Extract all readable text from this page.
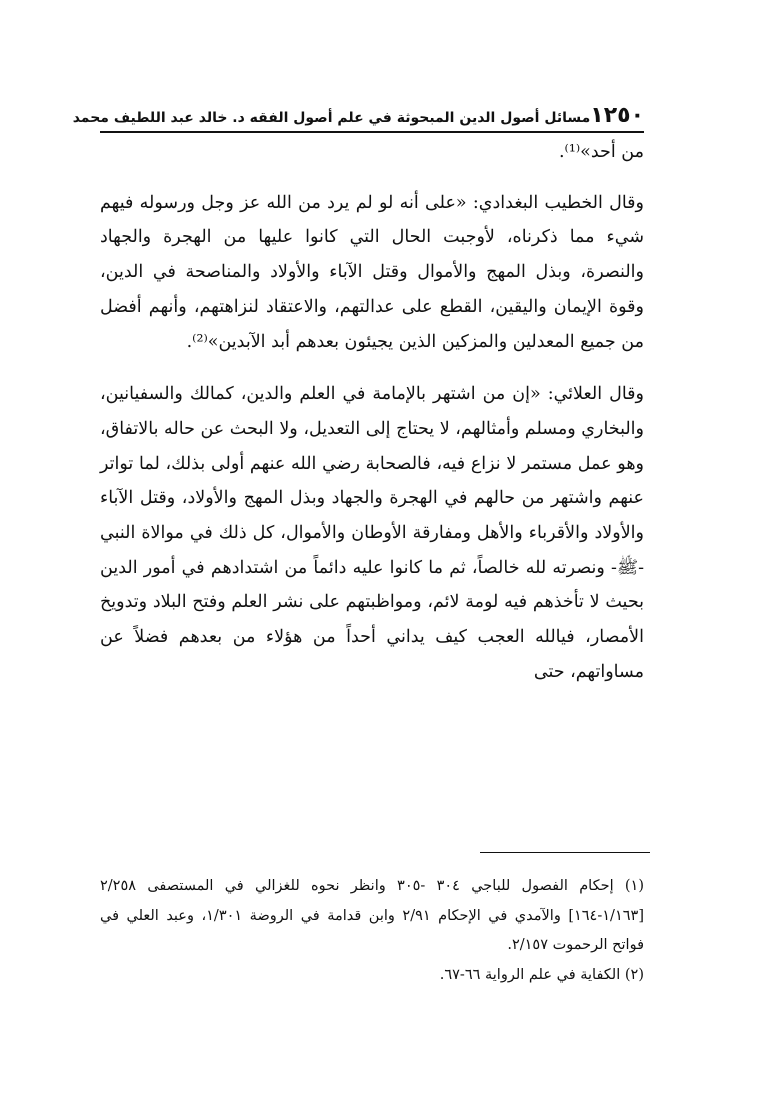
١٢٥٠
مسائل أصول الدين المبحوثة في علم أصول الفقه د. خالد عبد اللطيف محمد

من أحد»⁽¹⁾.

وقال الخطيب البغدادي: «على أنه لو لم يرد من الله عز وجل ورسوله فيهم شيء مما ذكرناه، لأوجبت الحال التي كانوا عليها من الهجرة والجهاد والنصرة، وبذل المهج والأموال وقتل الآباء والأولاد والمناصحة في الدين، وقوة الإيمان واليقين، القطع على عدالتهم، والاعتقاد لنزاهتهم، وأنهم أفضل من جميع المعدلين والمزكين الذين يجيئون بعدهم أبد الآبدين»⁽²⁾.

وقال العلائي: «إن من اشتهر بالإمامة في العلم والدين، كمالك والسفيانين، والبخاري ومسلم وأمثالهم، لا يحتاج إلى التعديل، ولا البحث عن حاله بالاتفاق، وهو عمل مستمر لا نزاع فيه، فالصحابة رضي الله عنهم أولى بذلك، لما تواتر عنهم واشتهر من حالهم في الهجرة والجهاد وبذل المهج والأولاد، وقتل الآباء والأولاد والأقرباء والأهل ومفارقة الأوطان والأموال، كل ذلك في موالاة النبي -ﷺ- ونصرته لله خالصاً، ثم ما كانوا عليه دائماً من اشتدادهم في أمور الدين بحيث لا تأخذهم فيه لومة لائم، ومواظبتهم على نشر العلم وفتح البلاد وتدويخ الأمصار، فيالله العجب كيف يداني أحداً من هؤلاء من بعدهم فضلاً عن مساواتهم، حتى

(١) إحكام الفصول للباجي ٣٠٤ -٣٠٥ وانظر نحوه للغزالي في المستصفى ٢/٢٥٨ [١/١٦٣-١٦٤] والآمدي في الإحكام ٢/٩١ وابن قدامة في الروضة ١/٣٠١، وعبد العلي في فواتح الرحموت ٢/١٥٧.

(٢) الكفاية في علم الرواية ٦٦-٦٧.
